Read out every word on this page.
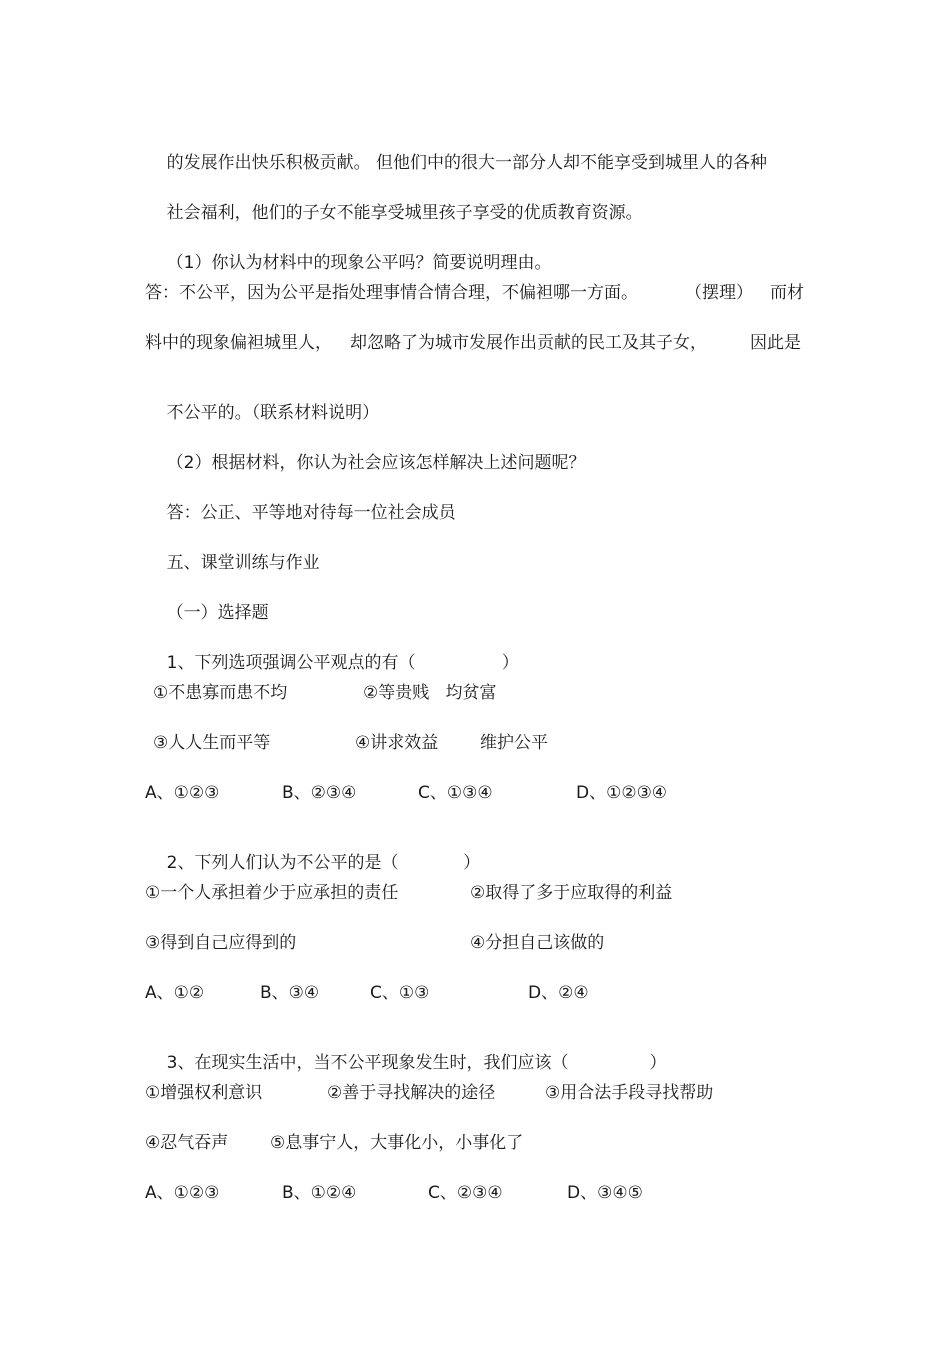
的发展作出快乐积极贡献。 但他们中的很大一部分人却不能享受到城里人的各种

社会福利，他们的子女不能享受城里孩子享受的优质教育资源。

（1）你认为材料中的现象公平吗？简要说明理由。

答：不公平，因为公平是指处理事情合情合理，不偏袒哪一方面。

	（摆理）

而材

料中的现象偏袒城里人，

却忽略了为城市发展作出贡献的民工及其子女，

	因此是

不公平的。（联系材料说明）

（2）根据材料，你认为社会应该怎样解决上述问题呢？

答：公正、平等地对待每一位社会成员

五、课堂训练与作业

（一）选择题

1、下列选项强调公平观点的有（                ）

①不患寡而患不均

	②等贵贱   均贫富

③人人生而平等

	④讲求效益

维护公平

A、①②③

	B、②③④

	C、①③④

	D、①②③④

2、下列人们认为不公平的是（            ）

①一个人承担着少于应承担的责任

	②取得了多于应取得的利益

③得到自己应得到的

	④分担自己该做的

A、①②

	B、③④

	C、①③

	D、②④

3、在现实生活中，当不公平现象发生时，我们应该（               ）

①增强权利意识

	②善于寻找解决的途径

	③用合法手段寻找帮助

④忍气吞声

⑤息事宁人，大事化小，小事化了

A、①②③

	B、①②④

	C、②③④

	D、③④⑤
